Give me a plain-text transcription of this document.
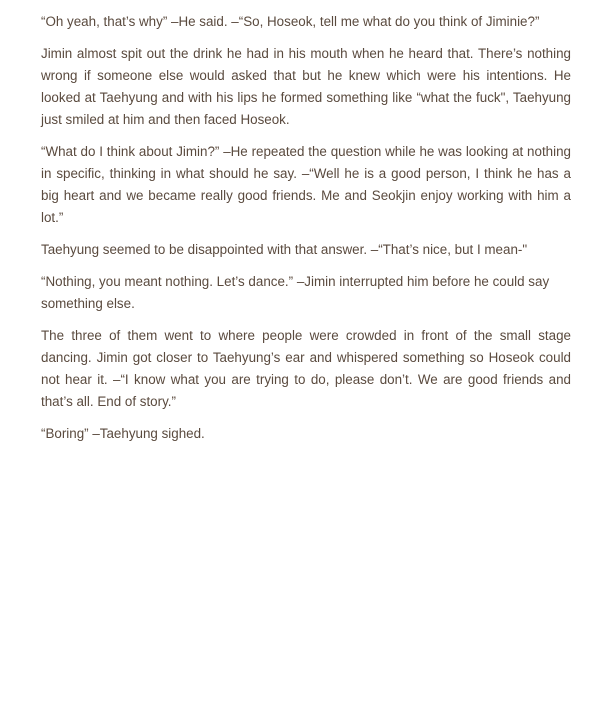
“Oh yeah, that’s why” –He said. –“So, Hoseok, tell me what do you think of Jiminie?”

Jimin almost spit out the drink he had in his mouth when he heard that. There’s nothing wrong if someone else would asked that but he knew which were his intentions. He looked at Taehyung and with his lips he formed something like “what the fuck", Taehyung just smiled at him and then faced Hoseok.

“What do I think about Jimin?” –He repeated the question while he was looking at nothing in specific, thinking in what should he say. –“Well he is a good person, I think he has a big heart and we became really good friends. Me and Seokjin enjoy working with him a lot.”

Taehyung seemed to be disappointed with that answer. –“That’s nice, but I mean-"

“Nothing, you meant nothing. Let’s dance.” –Jimin interrupted him before he could say something else.

The three of them went to where people were crowded in front of the small stage dancing. Jimin got closer to Taehyung’s ear and whispered something so Hoseok could not hear it. –“I know what you are trying to do, please don’t. We are good friends and that’s all. End of story.”

“Boring” –Taehyung sighed.
